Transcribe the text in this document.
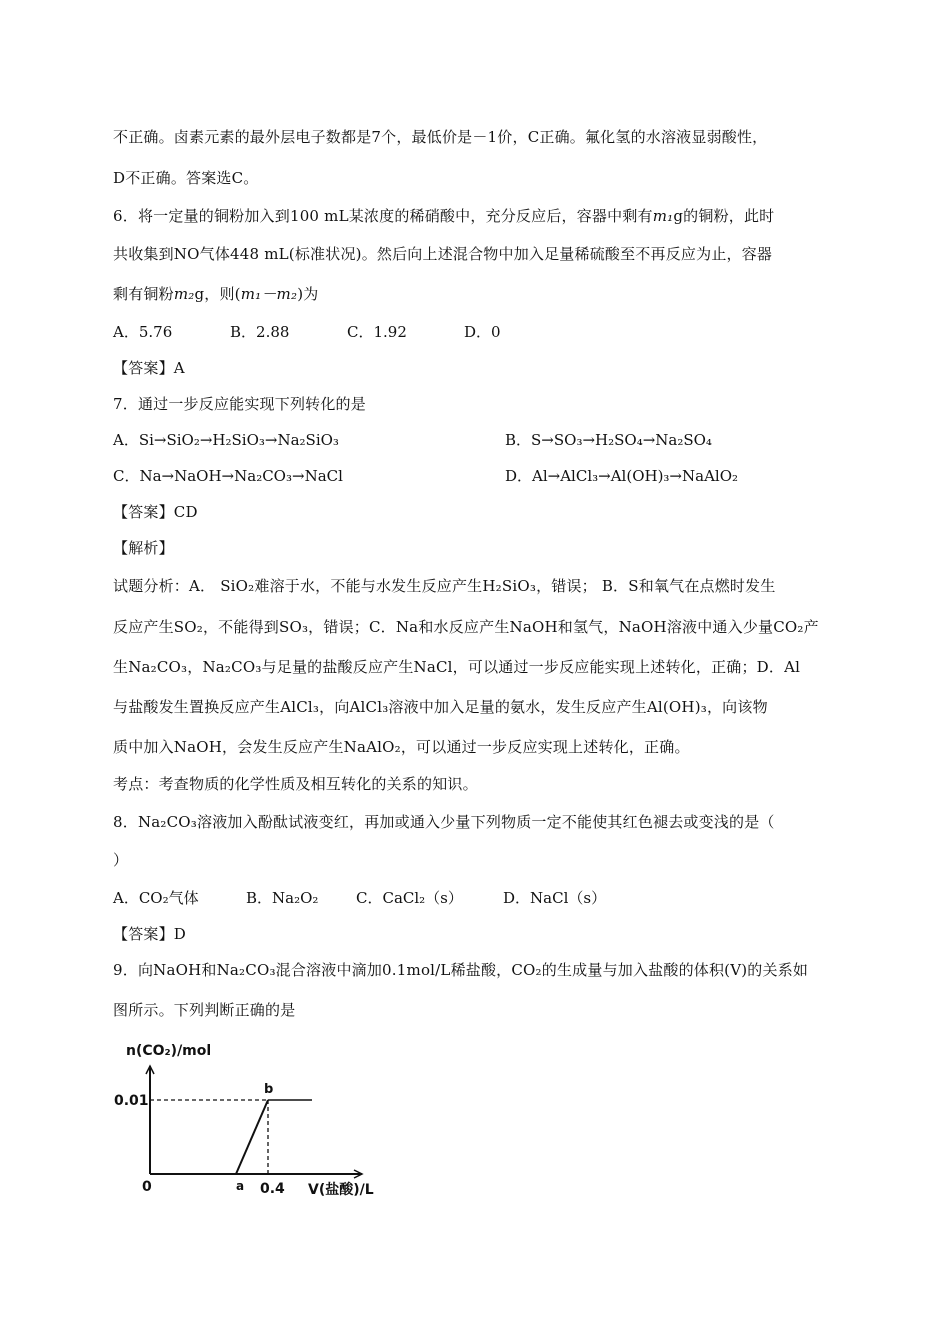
不正确。卤素元素的最外层电子数都是7个，最低价是－1价，C正确。氟化氢的水溶液显弱酸性，
D不正确。答案选C。
6．将一定量的铜粉加入到100 mL某浓度的稀硝酸中，充分反应后，容器中剩有m₁g的铜粉，此时
共收集到NO气体448 mL(标准状况)。然后向上述混合物中加入足量稀硫酸至不再反应为止，容器
剩有铜粉m₂g，则(m₁－m₂)为
A．5.76	B．2.88	C．1.92	D．0
【答案】A
7．通过一步反应能实现下列转化的是
A．Si→SiO₂→H₂SiO₃→Na₂SiO₃	B．S→SO₃→H₂SO₄→Na₂SO₄
C．Na→NaOH→Na₂CO₃→NaCl	D．Al→AlCl₃→Al(OH)₃→NaAlO₂
【答案】CD
【解析】
试题分析：A． SiO₂难溶于水，不能与水发生反应产生H₂SiO₃，错误； B．S和氧气在点燃时发生
反应产生SO₂，不能得到SO₃，错误；C．Na和水反应产生NaOH和氢气，NaOH溶液中通入少量CO₂产
生Na₂CO₃，Na₂CO₃与足量的盐酸反应产生NaCl，可以通过一步反应能实现上述转化，正确；D．Al
与盐酸发生置换反应产生AlCl₃，向AlCl₃溶液中加入足量的氨水，发生反应产生Al(OH)₃，向该物
质中加入NaOH，会发生反应产生NaAlO₂，可以通过一步反应实现上述转化，正确。
考点：考查物质的化学性质及相互转化的关系的知识。
8．Na₂CO₃溶液加入酚酞试液变红，再加或通入少量下列物质一定不能使其红色褪去或变浅的是（
）
A．CO₂气体	B．Na₂O₂	C．CaCl₂（s）	D．NaCl（s）
【答案】D
9．向NaOH和Na₂CO₃混合溶液中滴加0.1mol/L稀盐酸，CO₂的生成量与加入盐酸的体积(V)的关系如
图所示。下列判断正确的是
n(CO₂)/mol
0.01
0	a
b
0.4 V(盐酸)/L
